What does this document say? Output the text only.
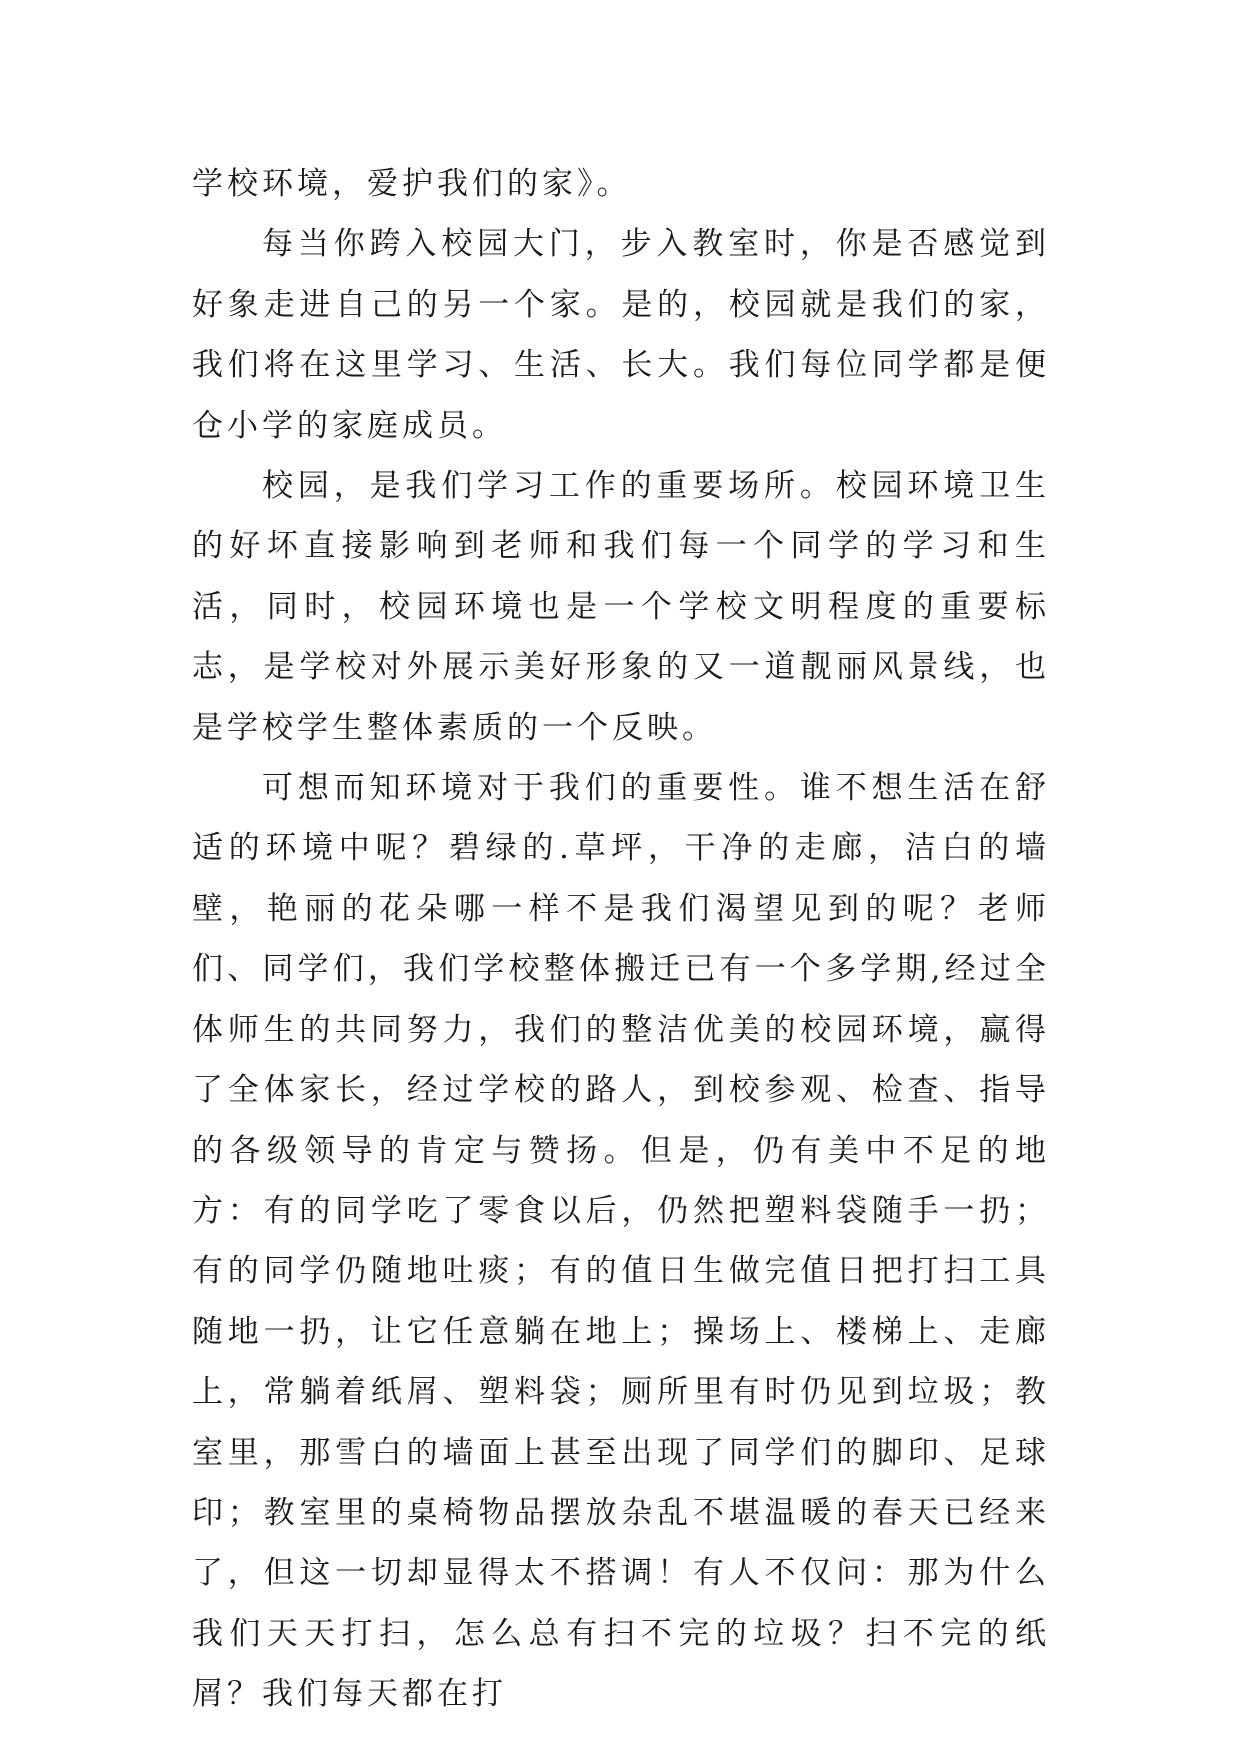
学校环境，爱护我们的家》。

每当你跨入校园大门，步入教室时，你是否感觉到好象走进自己的另一个家。是的，校园就是我们的家，我们将在这里学习、生活、长大。我们每位同学都是便仓小学的家庭成员。

校园，是我们学习工作的重要场所。校园环境卫生的好坏直接影响到老师和我们每一个同学的学习和生活，同时，校园环境也是一个学校文明程度的重要标志，是学校对外展示美好形象的又一道靓丽风景线，也是学校学生整体素质的一个反映。

可想而知环境对于我们的重要性。谁不想生活在舒适的环境中呢？碧绿的.草坪，干净的走廊，洁白的墙壁，艳丽的花朵哪一样不是我们渴望见到的呢？老师们、同学们，我们学校整体搬迁已有一个多学期,经过全体师生的共同努力，我们的整洁优美的校园环境，赢得了全体家长，经过学校的路人，到校参观、检查、指导的各级领导的肯定与赞扬。但是，仍有美中不足的地方：有的同学吃了零食以后，仍然把塑料袋随手一扔；有的同学仍随地吐痰；有的值日生做完值日把打扫工具随地一扔，让它任意躺在地上；操场上、楼梯上、走廊上，常躺着纸屑、塑料袋；厕所里有时仍见到垃圾；教室里，那雪白的墙面上甚至出现了同学们的脚印、足球印；教室里的桌椅物品摆放杂乱不堪温暖的春天已经来了，但这一切却显得太不搭调！有人不仅问：那为什么我们天天打扫，怎么总有扫不完的垃圾？扫不完的纸屑？我们每天都在打
